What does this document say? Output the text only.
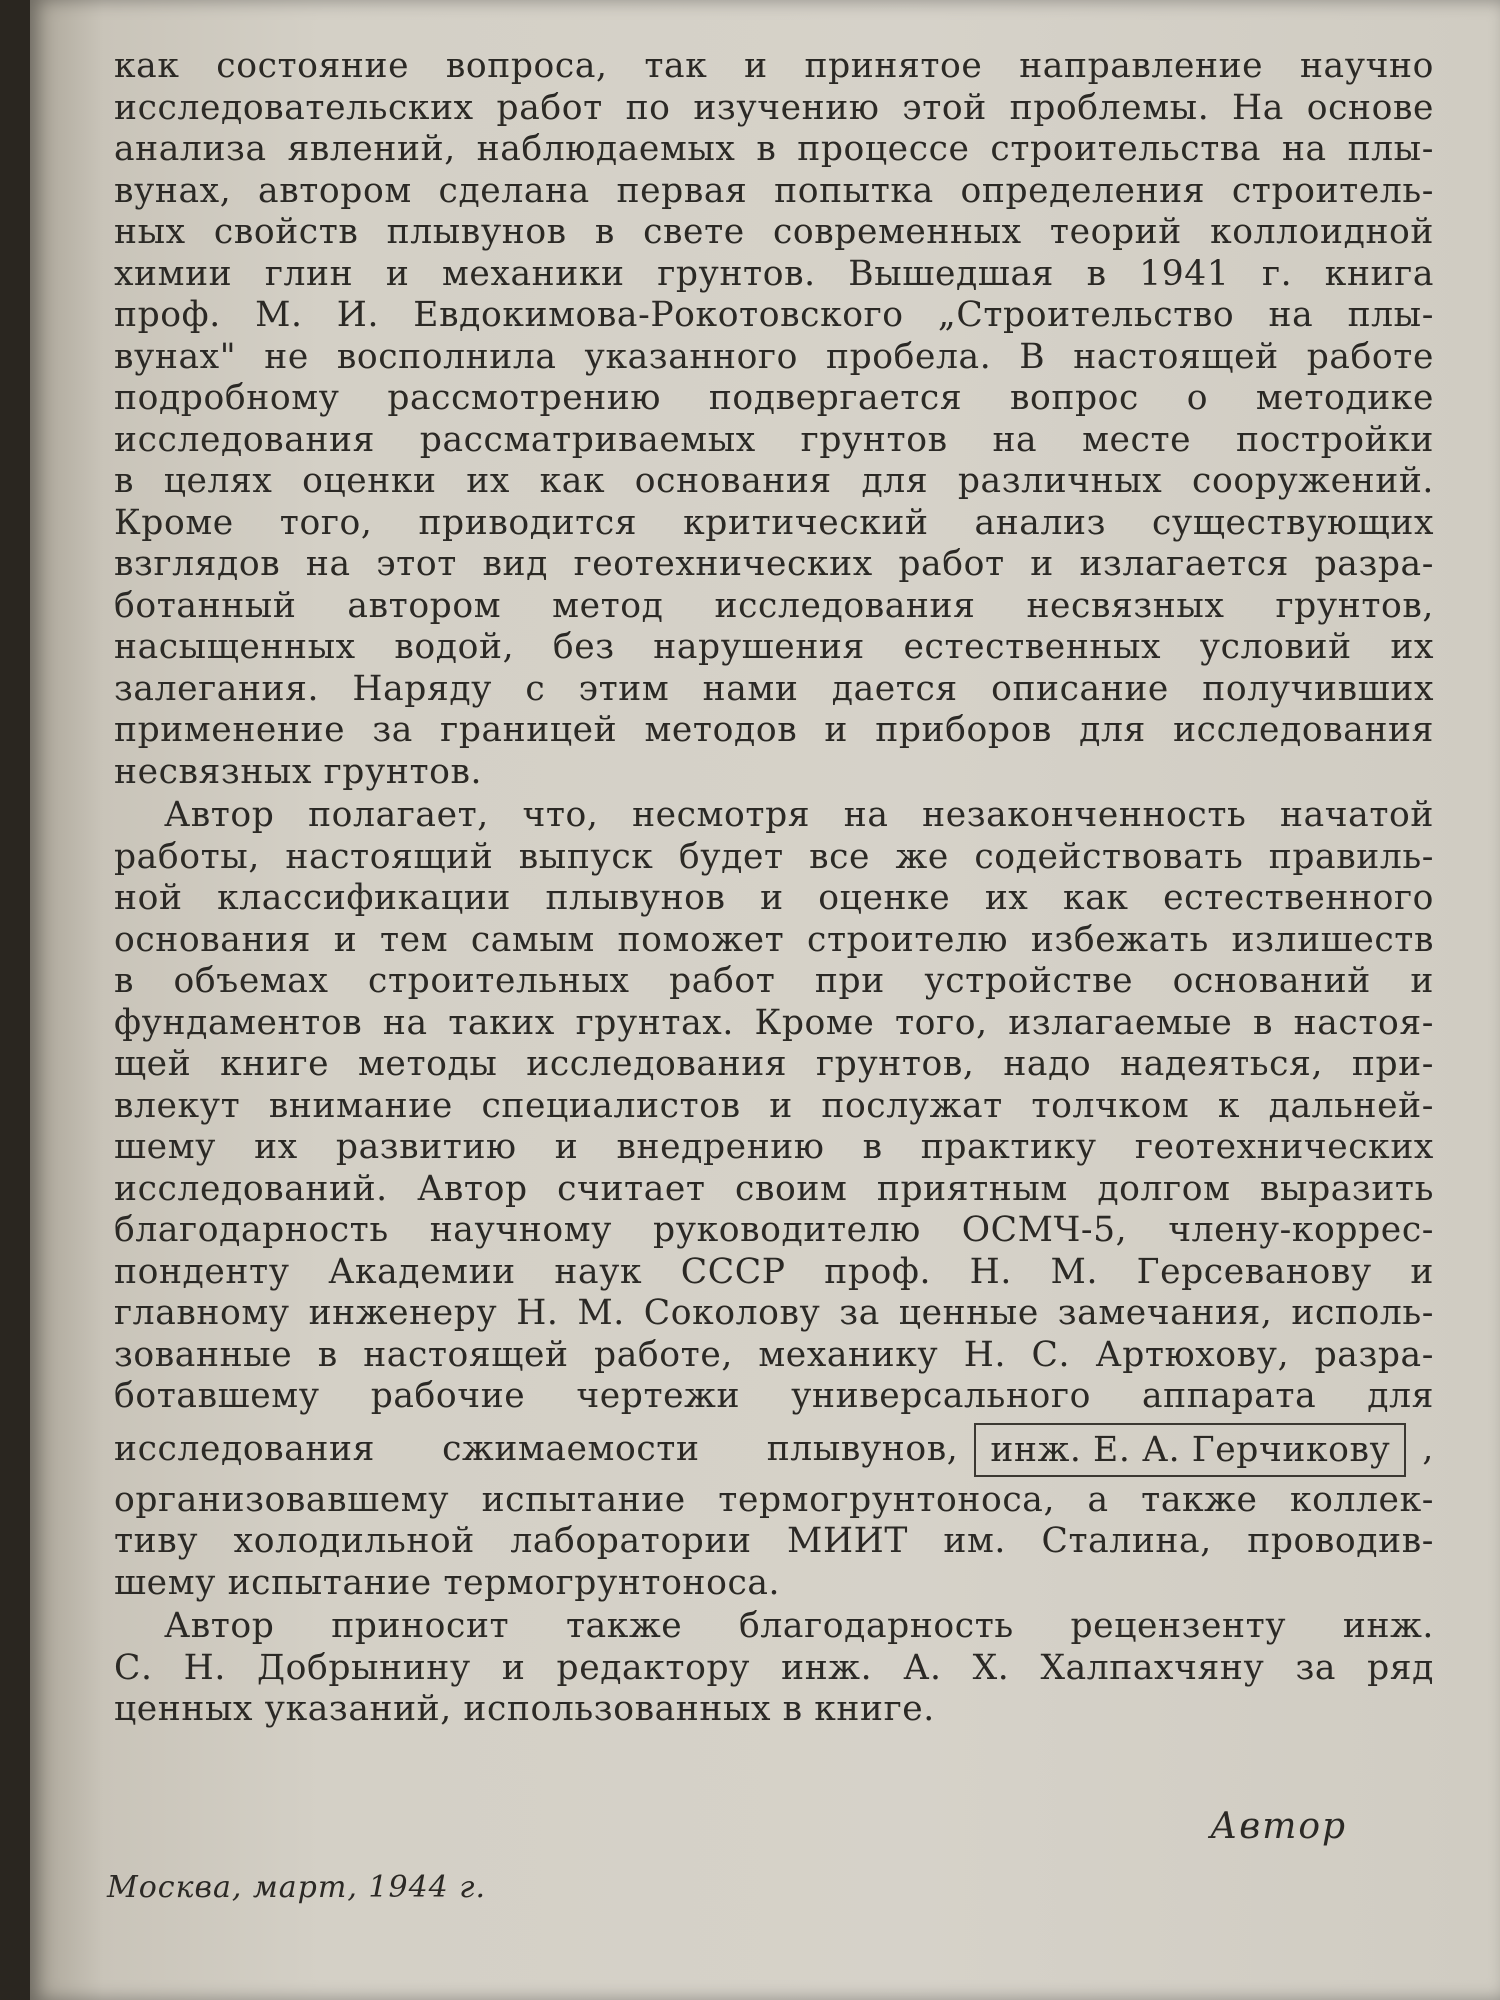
как состояние вопроса, так и принятое направление научно
исследовательских работ по изучению этой проблемы. На основе
анализа явлений, наблюдаемых в процессе строительства на плы-
вунах, автором сделана первая попытка определения строитель-
ных свойств плывунов в свете современных теорий коллоидной
химии глин и механики грунтов. Вышедшая в 1941 г. книга
проф. М. И. Евдокимова-Рокотовского „Строительство на плы-
вунах" не восполнила указанного пробела. В настоящей работе
подробному рассмотрению подвергается вопрос о методике
исследования рассматриваемых грунтов на месте постройки
в целях оценки их как основания для различных сооружений.
Кроме того, приводится критический анализ существующих
взглядов на этот вид геотехнических работ и излагается разра-
ботанный автором метод исследования несвязных грунтов,
насыщенных водой, без нарушения естественных условий их
залегания. Наряду с этим нами дается описание получивших
применение за границей методов и приборов для исследования
несвязных грунтов.
Автор полагает, что, несмотря на незаконченность начатой
работы, настоящий выпуск будет все же содействовать правиль-
ной классификации плывунов и оценке их как естественного
основания и тем самым поможет строителю избежать излишеств
в объемах строительных работ при устройстве оснований и
фундаментов на таких грунтах. Кроме того, излагаемые в настоя-
щей книге методы исследования грунтов, надо надеяться, при-
влекут внимание специалистов и послужат толчком к дальней-
шему их развитию и внедрению в практику геотехнических
исследований. Автор считает своим приятным долгом выразить
благодарность научному руководителю ОСМЧ-5, члену-коррес-
понденту Академии наук СССР проф. Н. М. Герсеванову и
главному инженеру Н. М. Соколову за ценные замечания, исполь-
зованные в настоящей работе, механику Н. С. Артюхову, разра-
ботавшему рабочие чертежи универсального аппарата для
исследования сжимаемости плывунов, инж. Е. А. Герчикову ,
организовавшему испытание термогрунтоноса, а также коллек-
тиву холодильной лаборатории МИИТ им. Сталина, проводив-
шему испытание термогрунтоноса.
Автор приносит также благодарность рецензенту инж.
С. Н. Добрынину и редактору инж. А. Х. Халпахчяну за ряд
ценных указаний, использованных в книге.
Автор
Москва, март, 1944 г.
